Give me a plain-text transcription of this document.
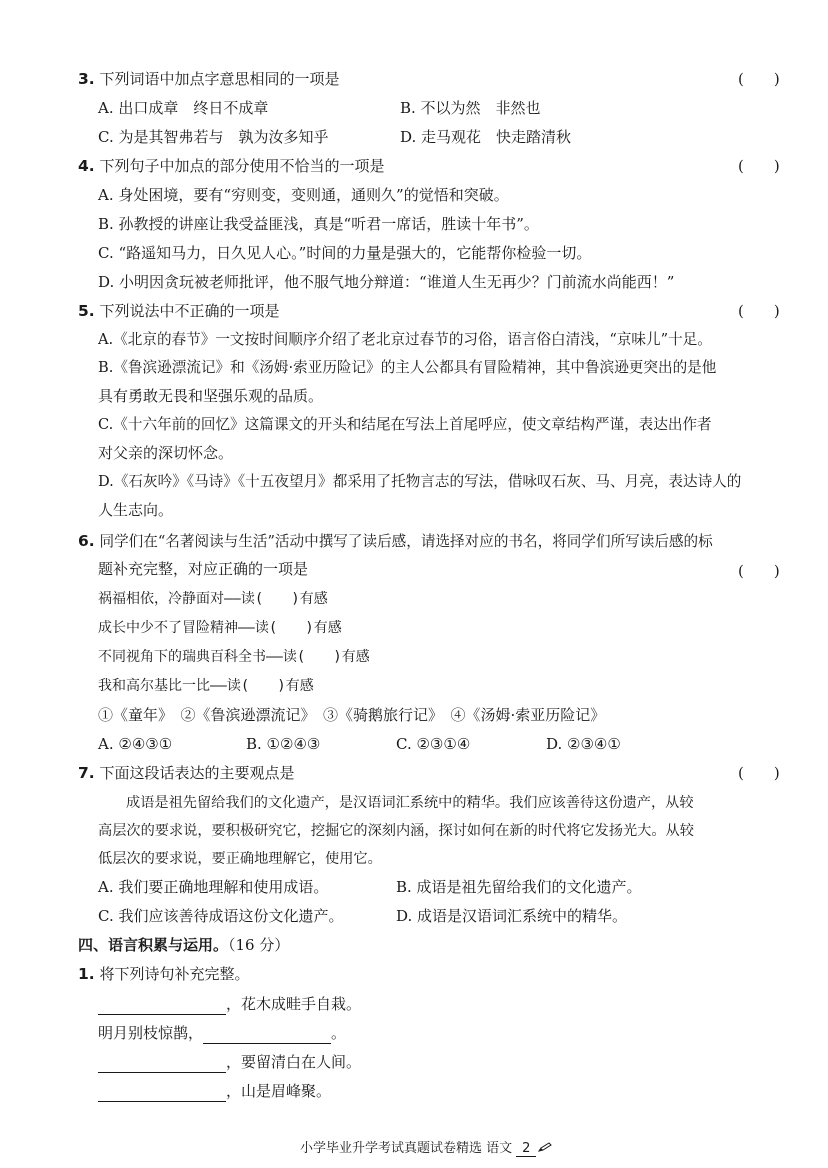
3. 下列词语中加点字意思相同的一项是	(　　)
A. 出口成章　终日不成章	B. 不以为然　非然也
C. 为是其智弗若与　孰为汝多知乎	D. 走马观花　快走踏清秋
4. 下列句子中加点的部分使用不恰当的一项是	(　　)
A. 身处困境，要有“穷则变，变则通，通则久”的觉悟和突破。
B. 孙教授的讲座让我受益匪浅，真是“听君一席话，胜读十年书”。
C. “路遥知马力，日久见人心。”时间的力量是强大的，它能帮你检验一切。
D. 小明因贪玩被老师批评，他不服气地分辩道：“谁道人生无再少？门前流水尚能西！”
5. 下列说法中不正确的一项是	(　　)
A.《北京的春节》一文按时间顺序介绍了老北京过春节的习俗，语言俗白清浅，“京味儿”十足。
B.《鲁滨逊漂流记》和《汤姆·索亚历险记》的主人公都具有冒险精神，其中鲁滨逊更突出的是他
具有勇敢无畏和坚强乐观的品质。
C.《十六年前的回忆》这篇课文的开头和结尾在写法上首尾呼应，使文章结构严谨，表达出作者
对父亲的深切怀念。
D.《石灰吟》《马诗》《十五夜望月》都采用了托物言志的写法，借咏叹石灰、马、月亮，表达诗人的
人生志向。
6. 同学们在“名著阅读与生活”活动中撰写了读后感，请选择对应的书名，将同学们所写读后感的标
题补充完整，对应正确的一项是	(　　)
祸福相依，冷静面对——读(　　)有感
成长中少不了冒险精神——读(　　)有感
不同视角下的瑞典百科全书——读(　　)有感
我和高尔基比一比——读(　　)有感
①《童年》　②《鲁滨逊漂流记》　③《骑鹅旅行记》　④《汤姆·索亚历险记》
A. ②④③①	B. ①②④③	C. ②③①④	D. ②③④①
7. 下面这段话表达的主要观点是	(　　)
成语是祖先留给我们的文化遗产，是汉语词汇系统中的精华。我们应该善待这份遗产，从较
高层次的要求说，要积极研究它，挖掘它的深刻内涵，探讨如何在新的时代将它发扬光大。从较
低层次的要求说，要正确地理解它，使用它。
A. 我们要正确地理解和使用成语。	B. 成语是祖先留给我们的文化遗产。
C. 我们应该善待成语这份文化遗产。	D. 成语是汉语词汇系统中的精华。
四、语言积累与运用。（16 分）
1. 将下列诗句补充完整。
，花木成畦手自栽。
明月别枝惊鹊，	。
，要留清白在人间。
，山是眉峰聚。
小学毕业升学考试真题试卷精选 语文 2
